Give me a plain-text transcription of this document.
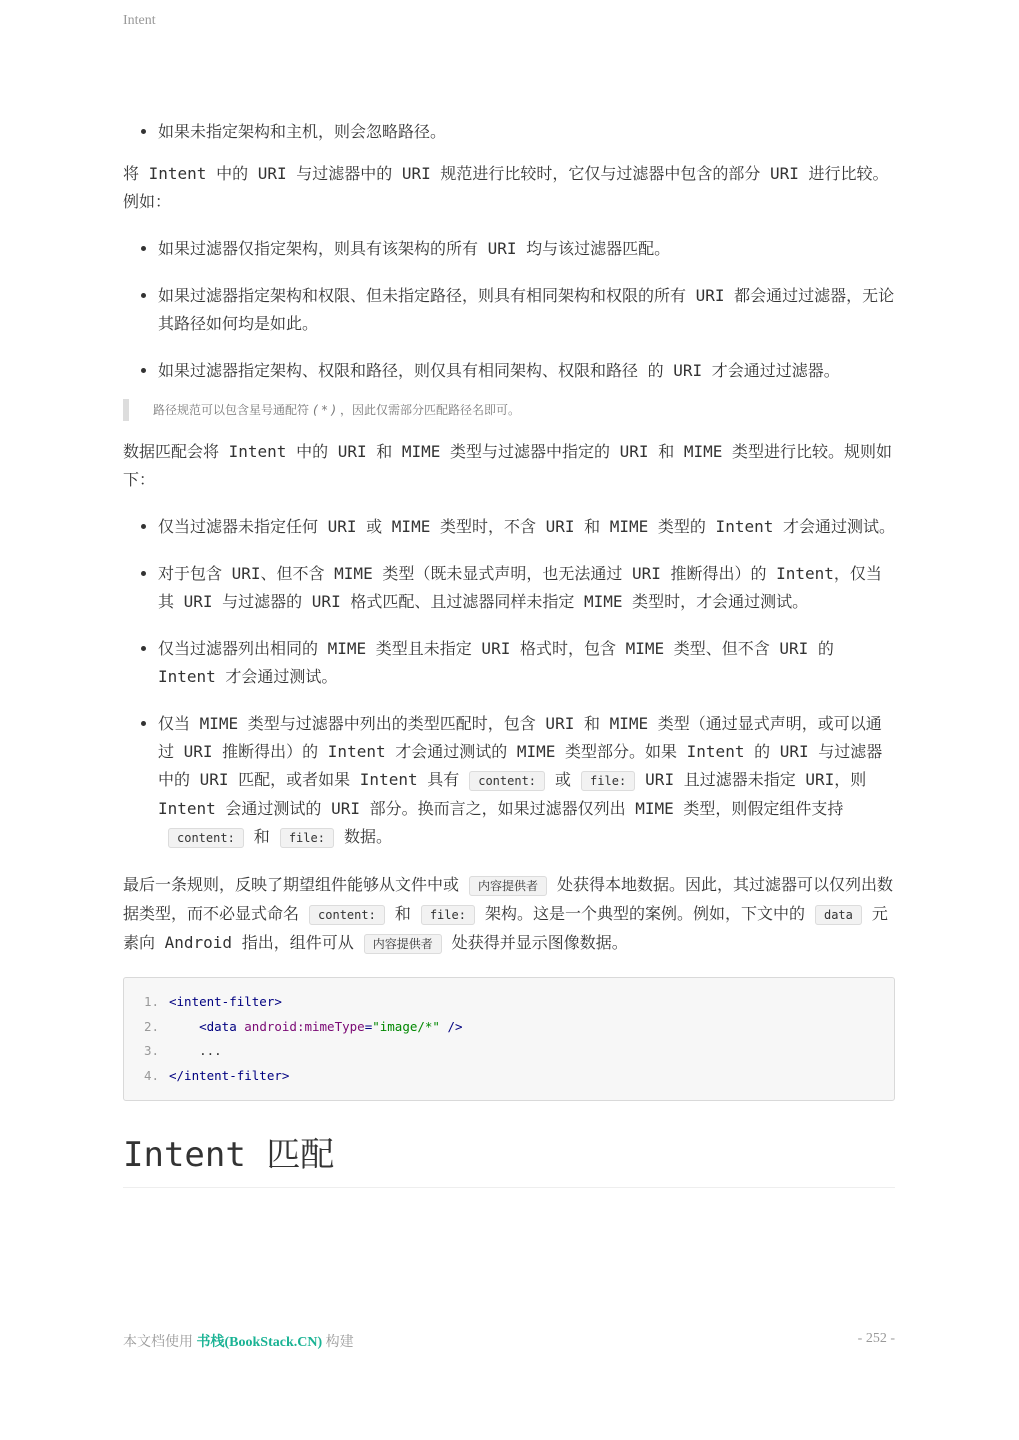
Intent
• 如果未指定架构和主机，则会忽略路径。

将 Intent 中的 URI 与过滤器中的 URI 规范进行比较时，它仅与过滤器中包含的部分 URI 进行比较。例如：

• 如果过滤器仅指定架构，则具有该架构的所有 URI 均与该过滤器匹配。
• 如果过滤器指定架构和权限、但未指定路径，则具有相同架构和权限的所有 URI 都会通过过滤器，无论其路径如何均是如此。
• 如果过滤器指定架构、权限和路径，则仅具有相同架构、权限和路径 的 URI 才会通过过滤器。
路径规范可以包含星号通配符 ( * ) ，因此仅需部分匹配路径名即可。

数据匹配会将 Intent 中的 URI 和 MIME 类型与过滤器中指定的 URI 和 MIME 类型进行比较。规则如下：

• 仅当过滤器未指定任何 URI 或 MIME 类型时，不含 URI 和 MIME 类型的 Intent 才会通过测试。
• 对于包含 URI、但不含 MIME 类型（既未显式声明，也无法通过 URI 推断得出）的 Intent，仅当其 URI 与过滤器的 URI 格式匹配、且过滤器同样未指定 MIME 类型时，才会通过测试。
• 仅当过滤器列出相同的 MIME 类型且未指定 URI 格式时，包含 MIME 类型、但不含 URI 的 Intent 才会通过测试。
• 仅当 MIME 类型与过滤器中列出的类型匹配时，包含 URI 和 MIME 类型（通过显式声明，或可以通过 URI 推断得出）的 Intent 才会通过测试的 MIME 类型部分。如果 Intent 的 URI 与过滤器中的 URI 匹配，或者如果 Intent 具有 content: 或 file: URI 且过滤器未指定 URI，则 Intent 会通过测试的 URI 部分。换而言之，如果过滤器仅列出 MIME 类型，则假定组件支持content: 和 file: 数据。

最后一条规则，反映了期望组件能够从文件中或 内容提供者 处获得本地数据。因此，其过滤器可以仅列出数据类型，而不必显式命名 content: 和 file: 架构。这是一个典型的案例。例如，下文中的 data 元素向 Android 指出，组件可从 内容提供者 处获得并显示图像数据。

1. <intent-filter>
2.	<data android:mimeType="image/*" />
3.    ...
4. </intent-filter>
Intent 匹配
本文档使用 书栈(BookStack.CN) 构建	- 252 -
